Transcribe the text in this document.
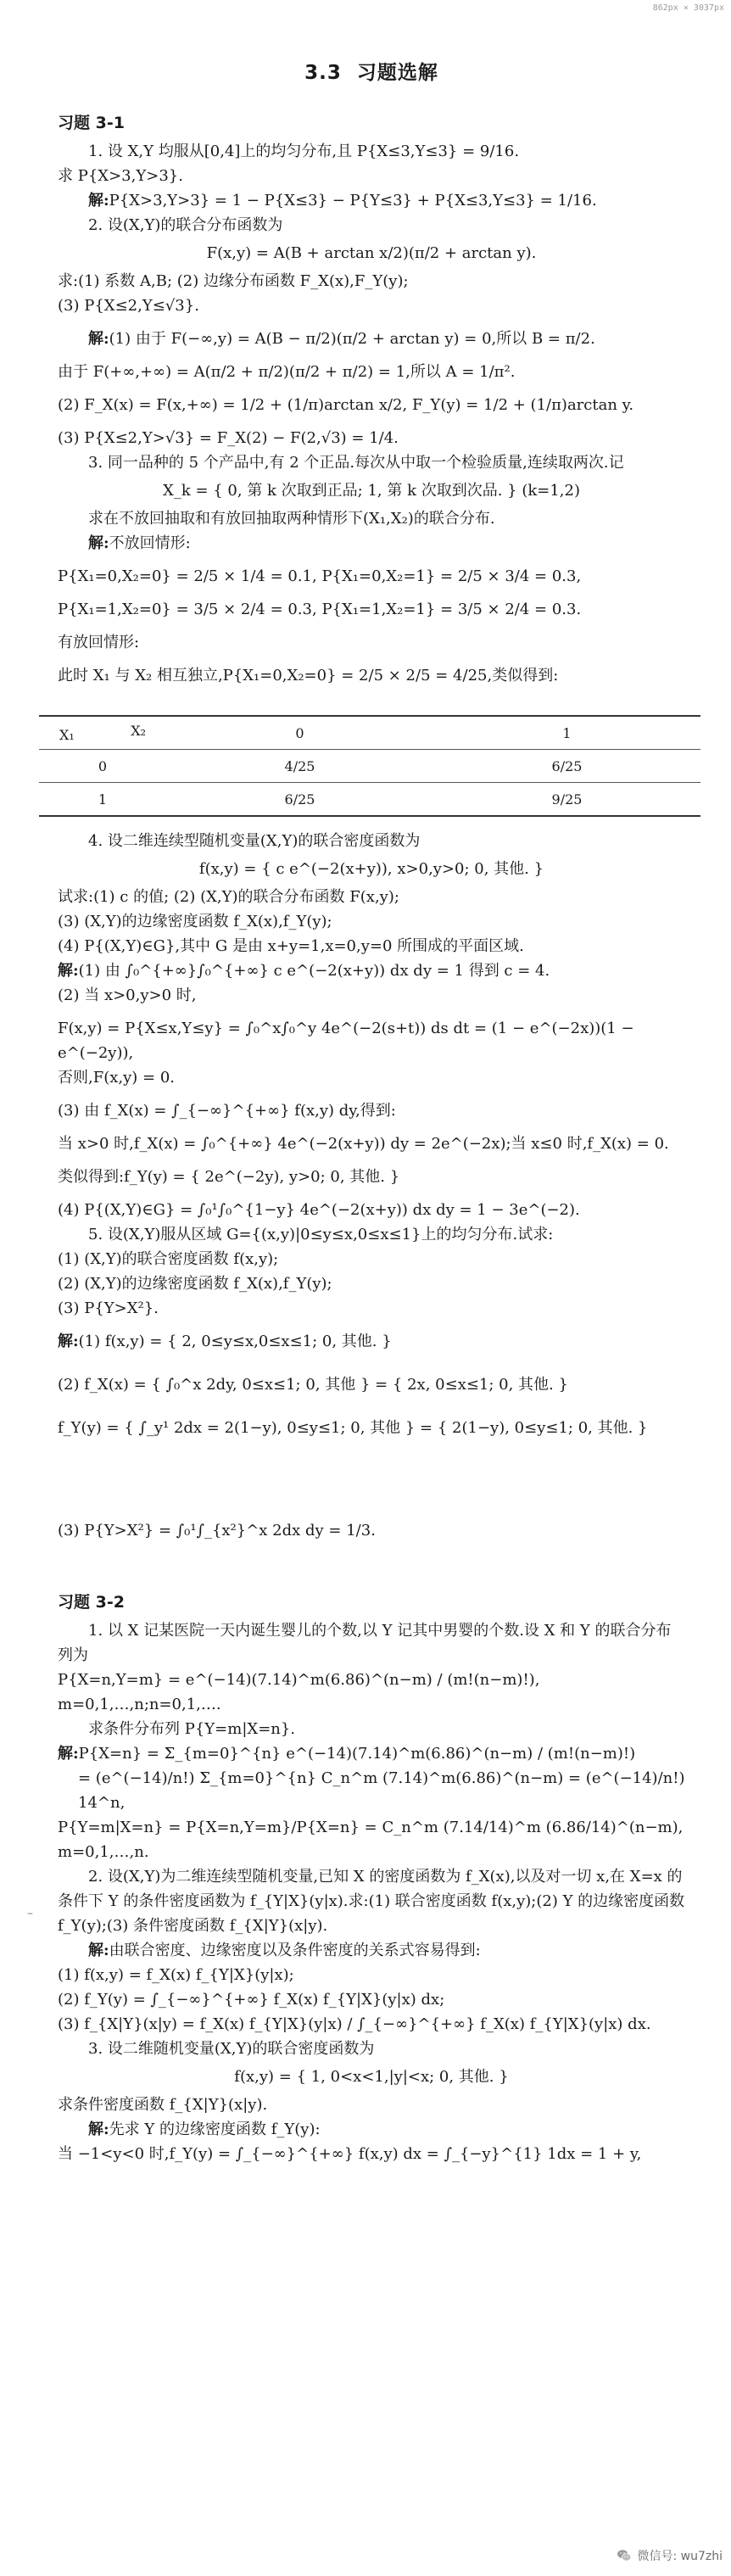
862px × 3037px
3.3 习题选解
习题 3-1

1. 设 X,Y 均服从[0,4]上的均匀分布,且 P{X≤3,Y≤3} = 9/16.

求 P{X>3,Y>3}.

解:P{X>3,Y>3} = 1 − P{X≤3} − P{Y≤3} + P{X≤3,Y≤3} = 1/16.

2. 设(X,Y)的联合分布函数为

F(x,y) = A(B + arctan x/2)(π/2 + arctan y).

求:(1) 系数 A,B; (2) 边缘分布函数 F_X(x),F_Y(y);

(3) P{X≤2,Y≤√3}.

解:(1) 由于 F(−∞,y) = A(B − π/2)(π/2 + arctan y) = 0,所以 B = π/2.

由于 F(+∞,+∞) = A(π/2 + π/2)(π/2 + π/2) = 1,所以 A = 1/π².

(2) F_X(x) = F(x,+∞) = 1/2 + (1/π)arctan x/2, F_Y(y) = 1/2 + (1/π)arctan y.

(3) P{X≤2,Y>√3} = F_X(2) − F(2,√3) = 1/4.

3. 同一品种的 5 个产品中,有 2 个正品.每次从中取一个检验质量,连续取两次.记

X_k = { 0, 第 k 次取到正品; 1, 第 k 次取到次品. } (k=1,2)

求在不放回抽取和有放回抽取两种情形下(X₁,X₂)的联合分布.

解:不放回情形:

P{X₁=0,X₂=0} = 2/5 × 1/4 = 0.1, P{X₁=0,X₂=1} = 2/5 × 3/4 = 0.3,

P{X₁=1,X₂=0} = 3/5 × 2/4 = 0.3, P{X₁=1,X₂=1} = 3/5 × 2/4 = 0.3.

有放回情形:

此时 X₁ 与 X₂ 相互独立,P{X₁=0,X₂=0} = 2/5 × 2/5 = 4/25,类似得到:

X₂
X₁	0	1
0	4/25	6/25
1	6/25	9/25

4. 设二维连续型随机变量(X,Y)的联合密度函数为

f(x,y) = { c e^(−2(x+y)), x>0,y>0; 0, 其他. }

试求:(1) c 的值; (2) (X,Y)的联合分布函数 F(x,y);

(3) (X,Y)的边缘密度函数 f_X(x),f_Y(y);

(4) P{(X,Y)∈G},其中 G 是由 x+y=1,x=0,y=0 所围成的平面区域.

解:(1) 由 ∫₀^{+∞}∫₀^{+∞} c e^(−2(x+y)) dx dy = 1 得到 c = 4.

(2) 当 x>0,y>0 时,

F(x,y) = P{X≤x,Y≤y} = ∫₀^x∫₀^y 4e^(−2(s+t)) ds dt = (1 − e^(−2x))(1 − e^(−2y)),

否则,F(x,y) = 0.

(3) 由 f_X(x) = ∫_{−∞}^{+∞} f(x,y) dy,得到:

当 x>0 时,f_X(x) = ∫₀^{+∞} 4e^(−2(x+y)) dy = 2e^(−2x);当 x≤0 时,f_X(x) = 0.

类似得到:f_Y(y) = { 2e^(−2y), y>0; 0, 其他. }

(4) P{(X,Y)∈G} = ∫₀¹∫₀^{1−y} 4e^(−2(x+y)) dx dy = 1 − 3e^(−2).

5. 设(X,Y)服从区域 G={(x,y)|0≤y≤x,0≤x≤1}上的均匀分布.试求:

(1) (X,Y)的联合密度函数 f(x,y);

(2) (X,Y)的边缘密度函数 f_X(x),f_Y(y);

(3) P{Y>X²}.

解:(1) f(x,y) = { 2, 0≤y≤x,0≤x≤1; 0, 其他. }

(2) f_X(x) = { ∫₀^x 2dy, 0≤x≤1; 0, 其他 } = { 2x, 0≤x≤1; 0, 其他. }

f_Y(y) = { ∫_y¹ 2dx = 2(1−y), 0≤y≤1; 0, 其他 } = { 2(1−y), 0≤y≤1; 0, 其他. }

(3) P{Y>X²} = ∫₀¹∫_{x²}^x 2dx dy = 1/3.

习题 3-2

1. 以 X 记某医院一天内诞生婴儿的个数,以 Y 记其中男婴的个数.设 X 和 Y 的联合分布列为

P{X=n,Y=m} = e^(−14)(7.14)^m(6.86)^(n−m) / (m!(n−m)!), m=0,1,…,n;n=0,1,….

求条件分布列 P{Y=m|X=n}.

解:P{X=n} = Σ_{m=0}^{n} e^(−14)(7.14)^m(6.86)^(n−m) / (m!(n−m)!)

= (e^(−14)/n!) Σ_{m=0}^{n} C_n^m (7.14)^m(6.86)^(n−m) = (e^(−14)/n!) 14^n,

P{Y=m|X=n} = P{X=n,Y=m}/P{X=n} = C_n^m (7.14/14)^m (6.86/14)^(n−m), m=0,1,…,n.

2. 设(X,Y)为二维连续型随机变量,已知 X 的密度函数为 f_X(x),以及对一切 x,在 X=x 的条件下 Y 的条件密度函数为 f_{Y|X}(y|x).求:(1) 联合密度函数 f(x,y);(2) Y 的边缘密度函数 f_Y(y);(3) 条件密度函数 f_{X|Y}(x|y).

解:由联合密度、边缘密度以及条件密度的关系式容易得到:

(1) f(x,y) = f_X(x) f_{Y|X}(y|x);

(2) f_Y(y) = ∫_{−∞}^{+∞} f_X(x) f_{Y|X}(y|x) dx;

(3) f_{X|Y}(x|y) = f_X(x) f_{Y|X}(y|x) / ∫_{−∞}^{+∞} f_X(x) f_{Y|X}(y|x) dx.

3. 设二维随机变量(X,Y)的联合密度函数为

f(x,y) = { 1, 0<x<1,|y|<x; 0, 其他. }

求条件密度函数 f_{X|Y}(x|y).

解:先求 Y 的边缘密度函数 f_Y(y):

当 −1<y<0 时,f_Y(y) = ∫_{−∞}^{+∞} f(x,y) dx = ∫_{−y}^{1} 1dx = 1 + y,

–
微信号: wu7zhi
